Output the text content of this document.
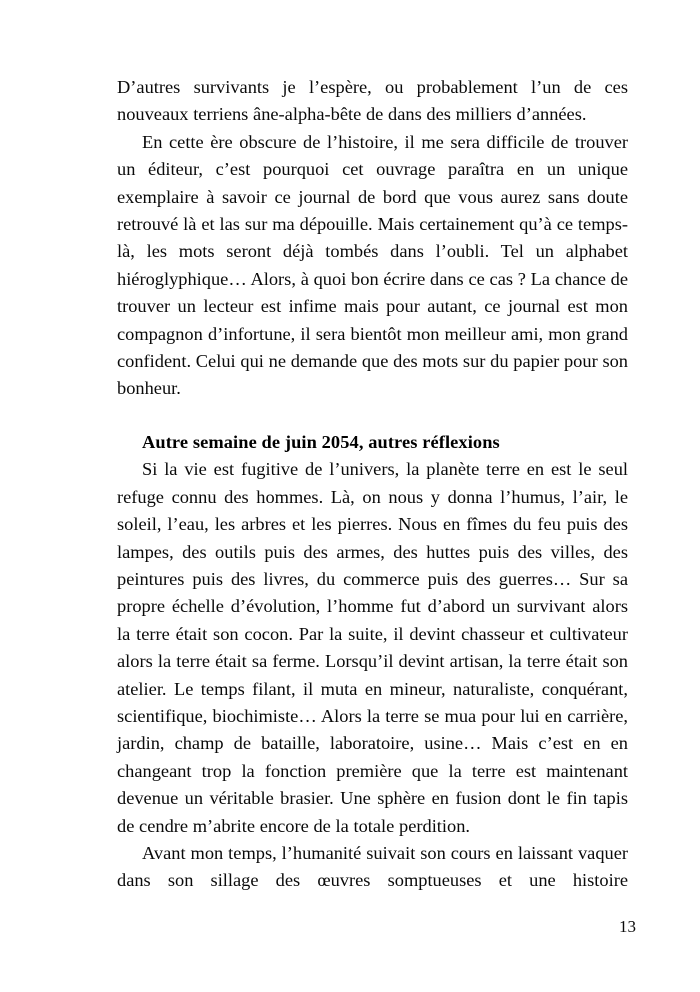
D’autres survivants je l’espère, ou probablement l’un de ces nouveaux terriens âne-alpha-bête de dans des milliers d’années.

En cette ère obscure de l’histoire, il me sera difficile de trouver un éditeur, c’est pourquoi cet ouvrage paraîtra en un unique exemplaire à savoir ce journal de bord que vous aurez sans doute retrouvé là et las sur ma dépouille. Mais certainement qu’à ce temps-là, les mots seront déjà tombés dans l’oubli. Tel un alphabet hiéroglyphique… Alors, à quoi bon écrire dans ce cas ? La chance de trouver un lecteur est infime mais pour autant, ce journal est mon compagnon d’infortune, il sera bientôt mon meilleur ami, mon grand confident. Celui qui ne demande que des mots sur du papier pour son bonheur.

Autre semaine de juin 2054, autres réflexions

Si la vie est fugitive de l’univers, la planète terre en est le seul refuge connu des hommes. Là, on nous y donna l’humus, l’air, le soleil, l’eau, les arbres et les pierres. Nous en fîmes du feu puis des lampes, des outils puis des armes, des huttes puis des villes, des peintures puis des livres, du commerce puis des guerres… Sur sa propre échelle d’évolution, l’homme fut d’abord un survivant alors la terre était son cocon. Par la suite, il devint chasseur et cultivateur alors la terre était sa ferme. Lorsqu’il devint artisan, la terre était son atelier. Le temps filant, il muta en mineur, naturaliste, conquérant, scientifique, biochimiste… Alors la terre se mua pour lui en carrière, jardin, champ de bataille, laboratoire, usine… Mais c’est en en changeant trop la fonction première que la terre est maintenant devenue un véritable brasier. Une sphère en fusion dont le fin tapis de cendre m’abrite encore de la totale perdition.

Avant mon temps, l’humanité suivait son cours en laissant vaquer dans son sillage des œuvres somptueuses et une histoire

13
